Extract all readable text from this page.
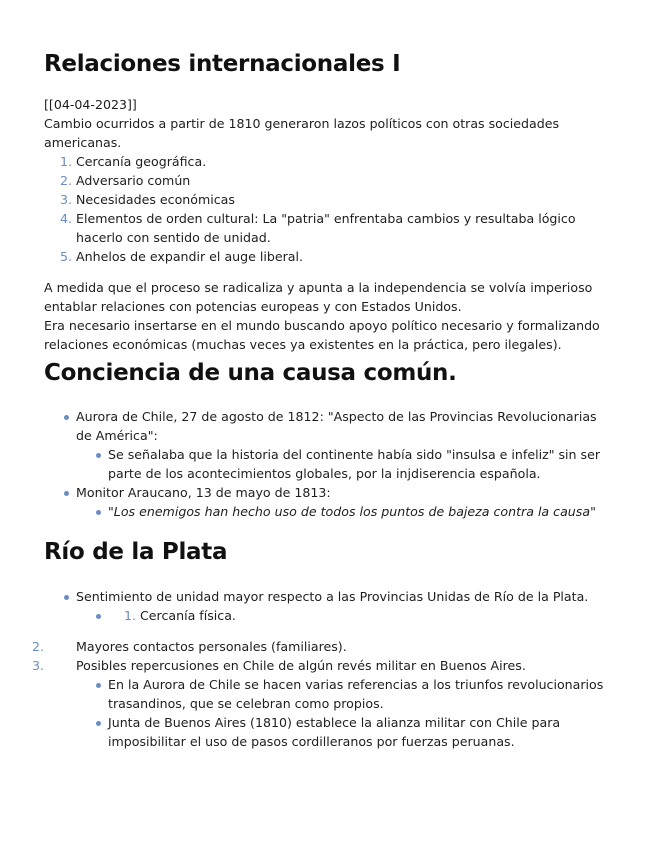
Relaciones internacionales I

[[04-04-2023]]

Cambio ocurridos a partir de 1810 generaron lazos políticos con otras sociedades americanas.

1. Cercanía geográfica.
2. Adversario común
3. Necesidades económicas
4. Elementos de orden cultural: La "patria" enfrentaba cambios y resultaba lógico hacerlo con sentido de unidad.
5. Anhelos de expandir el auge liberal.

A medida que el proceso se radicaliza y apunta a la independencia se volvía imperioso entablar relaciones con potencias europeas y con Estados Unidos.

Era necesario insertarse en el mundo buscando apoyo político necesario y formalizando relaciones económicas (muchas veces ya existentes en la práctica, pero ilegales).

Conciencia de una causa común.
Aurora de Chile, 27 de agosto de 1812: "Aspecto de las Provincias Revolucionarias de América":
Se señalaba que la historia del continente había sido "insulsa e infeliz" sin ser parte de los acontecimientos globales, por la injdiserencia española.
Monitor Araucano, 13 de mayo de 1813:
"Los enemigos han hecho uso de todos los puntos de bajeza contra la causa"
Río de la Plata
Sentimiento de unidad mayor respecto a las Provincias Unidas de Río de la Plata.
1. Cercanía física.
2.	Mayores contactos personales (familiares).
3.	Posibles repercusiones en Chile de algún revés militar en Buenos Aires.
En la Aurora de Chile se hacen varias referencias a los triunfos revolucionarios trasandinos, que se celebran como propios.
Junta de Buenos Aires (1810) establece la alianza militar con Chile para imposibilitar el uso de pasos cordilleranos por fuerzas peruanas.
